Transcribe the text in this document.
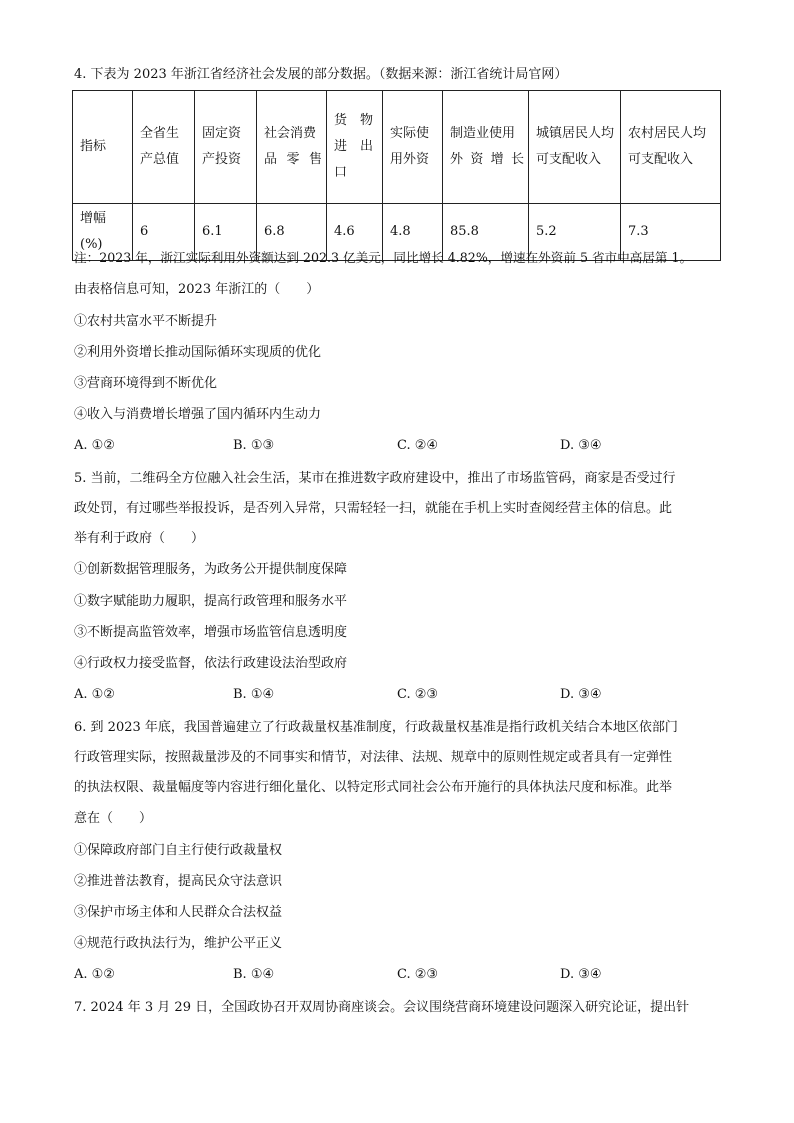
4. 下表为 2023 年浙江省经济社会发展的部分数据。（数据来源：浙江省统计局官网）
指标	全省生产总值	固定资产投资	社会消费品零售	货　物进　出口	实际使用外资	制造业使用外资增长	城镇居民人均可支配收入	农村居民人均可支配收入
增幅(%)	6	6.1	6.8	4.6	4.8	85.8	5.2	7.3
注：2023 年，浙江实际利用外资额达到 202.3 亿美元，同比增长 4.82%，增速在外资前 5 省市中高居第 1。
由表格信息可知，2023 年浙江的（　　）
①农村共富水平不断提升
②利用外资增长推动国际循环实现质的优化
③营商环境得到不断优化
④收入与消费增长增强了国内循环内生动力
A. ①②	B. ①③	C. ②④	D. ③④
5. 当前，二维码全方位融入社会生活，某市在推进数字政府建设中，推出了市场监管码，商家是否受过行
政处罚，有过哪些举报投诉，是否列入异常，只需轻轻一扫，就能在手机上实时查阅经营主体的信息。此
举有利于政府（　　）
①创新数据管理服务，为政务公开提供制度保障
①数字赋能助力履职，提高行政管理和服务水平
③不断提高监管效率，增强市场监管信息透明度
④行政权力接受监督，依法行政建设法治型政府
A. ①②	B. ①④	C. ②③	D. ③④
6. 到 2023 年底，我国普遍建立了行政裁量权基准制度，行政裁量权基准是指行政机关结合本地区依部门
行政管理实际，按照裁量涉及的不同事实和情节，对法律、法规、规章中的原则性规定或者具有一定弹性
的执法权限、裁量幅度等内容进行细化量化、以特定形式同社会公布开施行的具体执法尺度和标准。此举
意在（　　）
①保障政府部门自主行使行政裁量权
②推进普法教育，提高民众守法意识
③保护市场主体和人民群众合法权益
④规范行政执法行为，维护公平正义
A. ①②	B. ①④	C. ②③	D. ③④
7. 2024 年 3 月 29 日，全国政协召开双周协商座谈会。会议围绕营商环境建设问题深入研究论证，提出针
